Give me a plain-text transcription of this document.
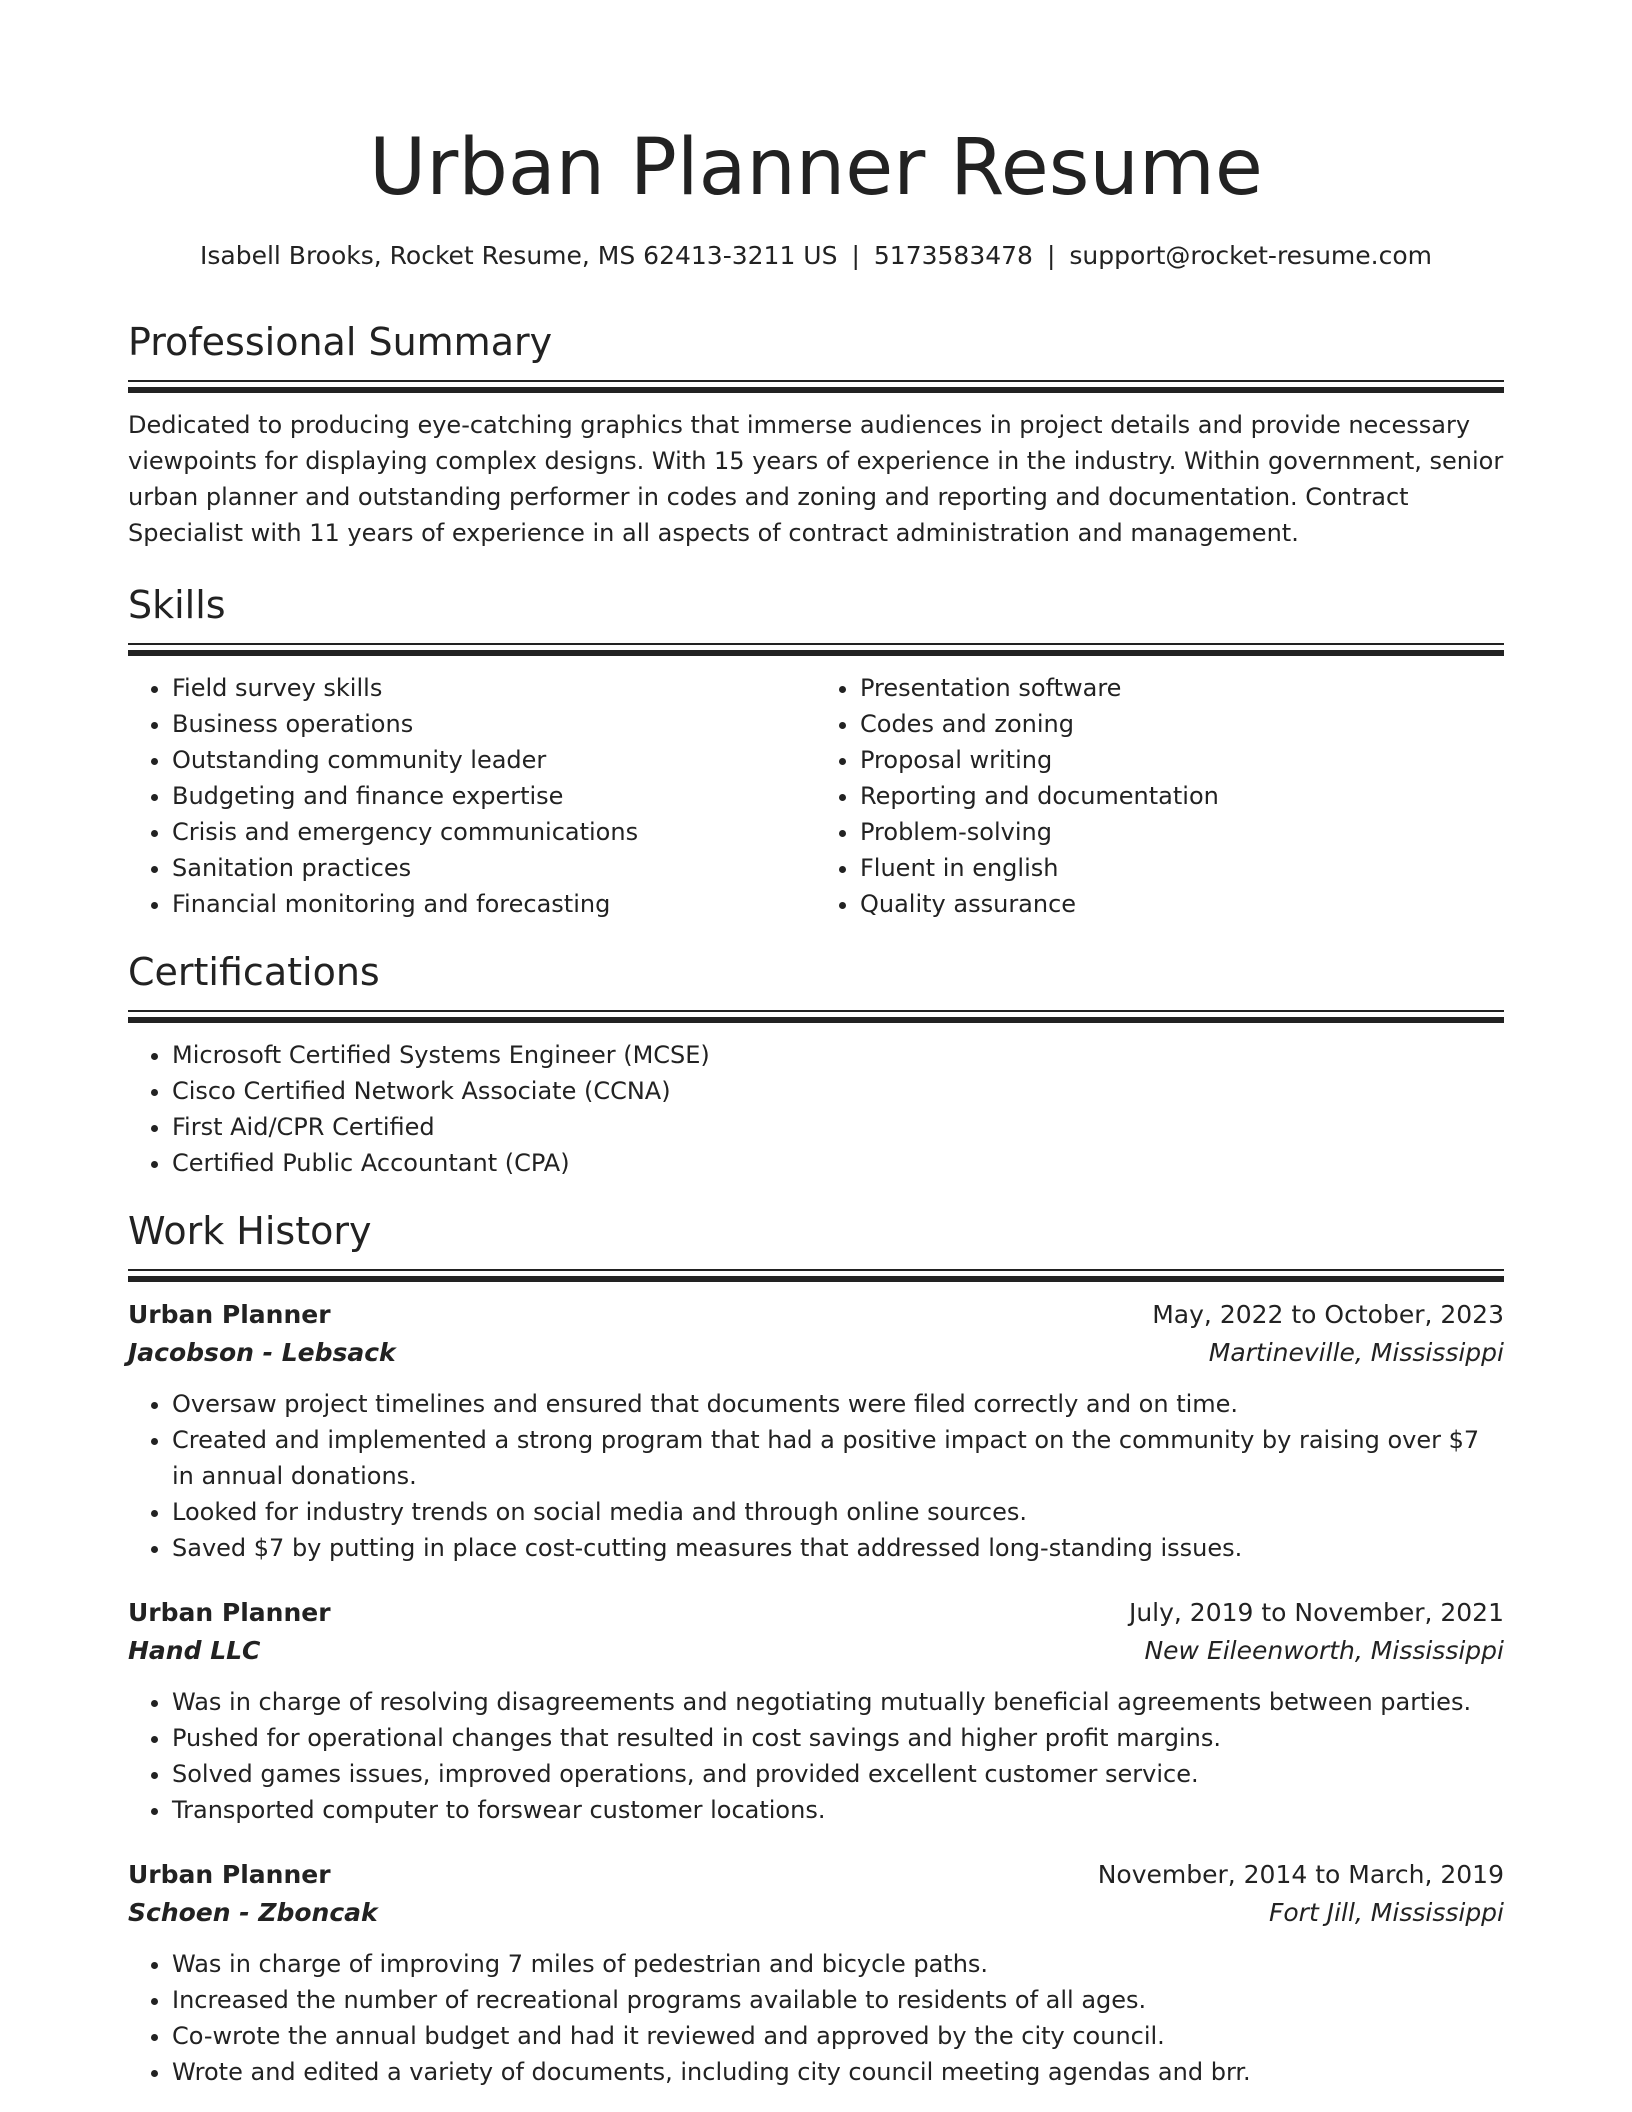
Urban Planner Resume
Isabell Brooks, Rocket Resume, MS 62413-3211 US | 5173583478 | support@rocket-resume.com
Professional Summary

Dedicated to producing eye-catching graphics that immerse audiences in project details and provide necessary viewpoints for displaying complex designs. With 15 years of experience in the industry. Within government, senior urban planner and outstanding performer in codes and zoning and reporting and documentation. Contract Specialist with 11 years of experience in all aspects of contract administration and management.

Skills
• Field survey skills
• Business operations
• Outstanding community leader
• Budgeting and finance expertise
• Crisis and emergency communications
• Sanitation practices
• Financial monitoring and forecasting
• Presentation software
• Codes and zoning
• Proposal writing
• Reporting and documentation
• Problem-solving
• Fluent in english
• Quality assurance
Certifications
• Microsoft Certified Systems Engineer (MCSE)
• Cisco Certified Network Associate (CCNA)
• First Aid/CPR Certified
• Certified Public Accountant (CPA)
Work History
Urban Planner	May, 2022 to October, 2023
Jacobson - Lebsack	Martineville, Mississippi
• Oversaw project timelines and ensured that documents were filed correctly and on time.
• Created and implemented a strong program that had a positive impact on the community by raising over $7 in annual donations.
• Looked for industry trends on social media and through online sources.
• Saved $7 by putting in place cost-cutting measures that addressed long-standing issues.
Urban Planner	July, 2019 to November, 2021
Hand LLC	New Eileenworth, Mississippi
• Was in charge of resolving disagreements and negotiating mutually beneficial agreements between parties.
• Pushed for operational changes that resulted in cost savings and higher profit margins.
• Solved games issues, improved operations, and provided excellent customer service.
• Transported computer to forswear customer locations.
Urban Planner	November, 2014 to March, 2019
Schoen - Zboncak	Fort Jill, Mississippi
• Was in charge of improving 7 miles of pedestrian and bicycle paths.
• Increased the number of recreational programs available to residents of all ages.
• Co-wrote the annual budget and had it reviewed and approved by the city council.
• Wrote and edited a variety of documents, including city council meeting agendas and brr.
